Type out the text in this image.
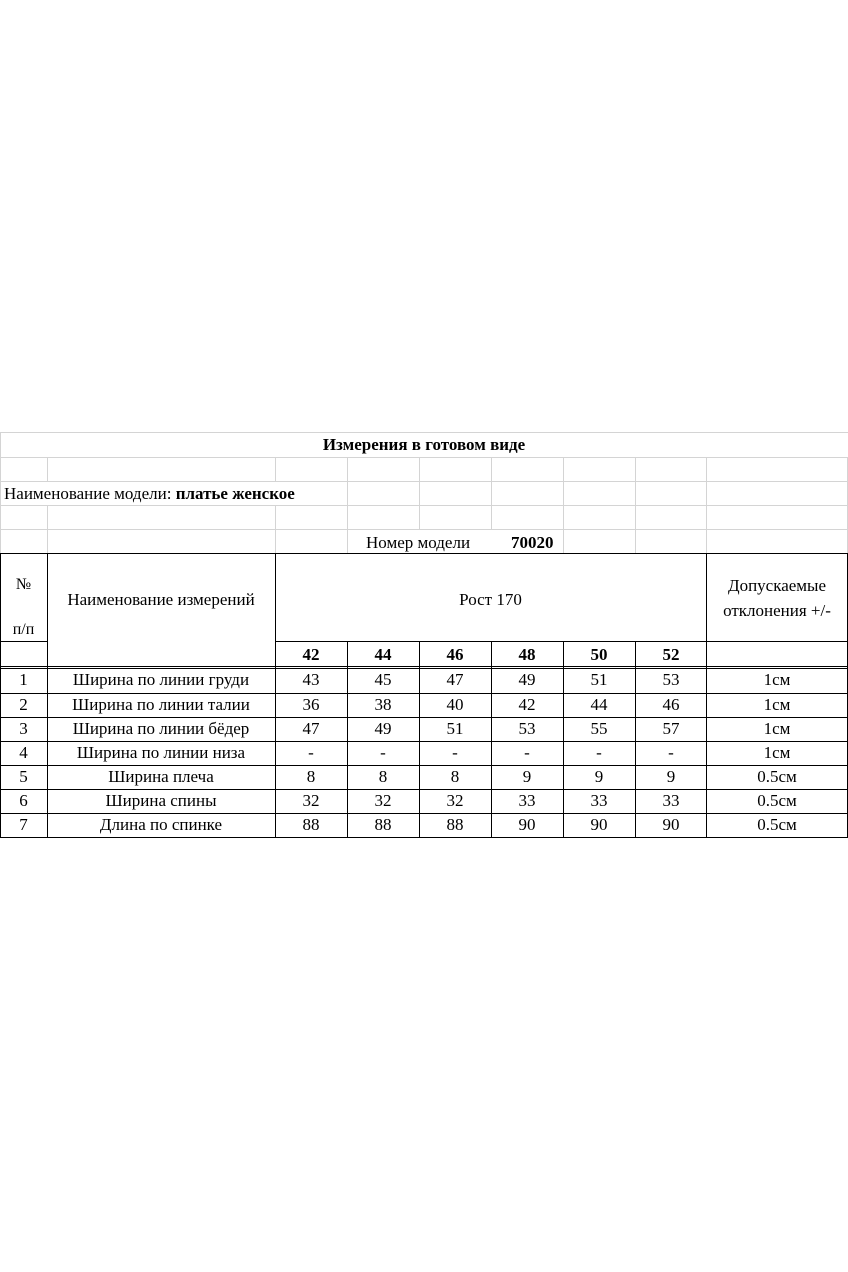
Измерения в готовом виде
Наименование модели: платье женское
Номер модели 70020
№
п/п
Наименование измерений	Рост 170
Допускаемые
отклонения +/-
42	44	46	48	50	52
1	Ширина по линии груди	43	45	47	49	51	53	1см
2	Ширина по линии талии	36	38	40	42	44	46	1см
3	Ширина по линии бёдер	47	49	51	53	55	57	1см
4	Ширина по линии низа	-	-	-	-	-	-	1см
5	Ширина плеча	8	8	8	9	9	9	0.5см
6	Ширина спины	32	32	32	33	33	33	0.5см
7	Длина по спинке	88	88	88	90	90	90	0.5см
